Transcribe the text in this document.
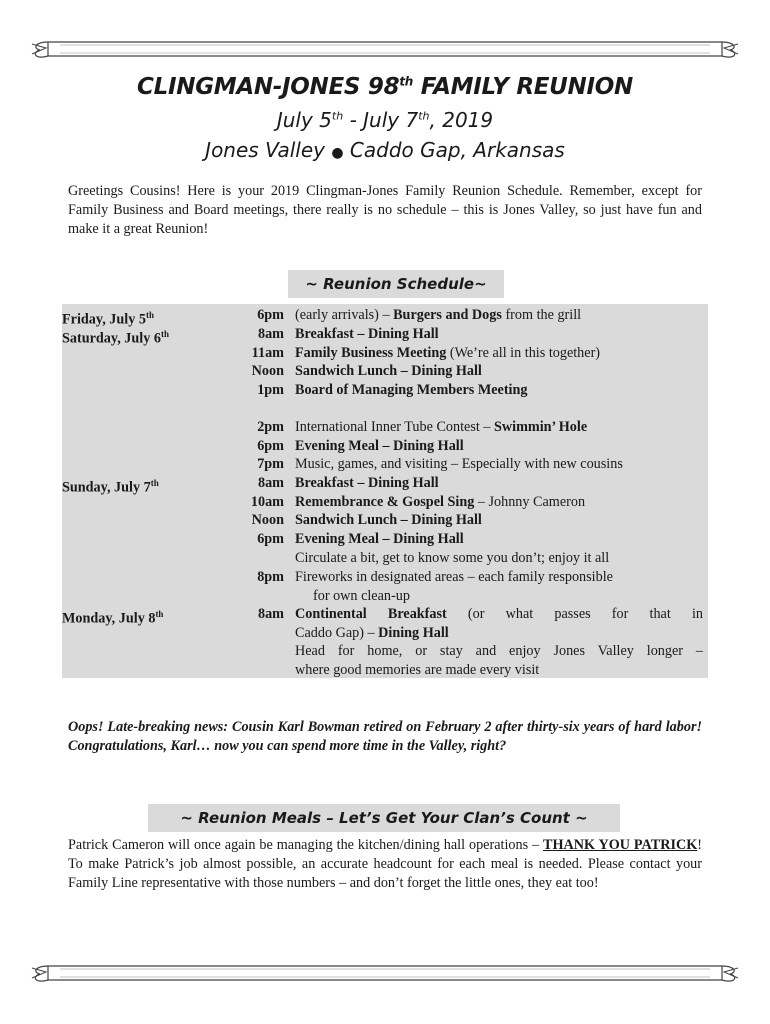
CLINGMAN-JONES 98th FAMILY REUNION
July 5th - July 7th, 2019
Jones Valley ● Caddo Gap, Arkansas
Greetings Cousins! Here is your 2019 Clingman-Jones Family Reunion Schedule. Remember, except for Family Business and Board meetings, there really is no schedule – this is Jones Valley, so just have fun and make it a great Reunion!
~ Reunion Schedule~
Friday, July 5th	6pm (early arrivals) – Burgers and Dogs from the grill
Saturday, July 6th	8am Breakfast – Dining Hall
11am Family Business Meeting (We’re all in this together)
Noon Sandwich Lunch – Dining Hall
1pm Board of Managing Members Meeting
2pm International Inner Tube Contest – Swimmin’ Hole
6pm Evening Meal – Dining Hall
7pm Music, games, and visiting – Especially with new cousins
Sunday, July 7th	8am Breakfast – Dining Hall
10am Remembrance & Gospel Sing – Johnny Cameron
Noon Sandwich Lunch – Dining Hall
6pm Evening Meal – Dining Hall
Circulate a bit, get to know some you don’t; enjoy it all
8pm Fireworks in designated areas – each family responsible
for own clean-up
Monday, July 8th	8am Continental Breakfast (or what passes for that in
Caddo Gap) – Dining Hall
Head for home, or stay and enjoy Jones Valley longer –
where good memories are made every visit
Oops! Late-breaking news: Cousin Karl Bowman retired on February 2 after thirty-six years of hard labor! Congratulations, Karl… now you can spend more time in the Valley, right?
~ Reunion Meals – Let’s Get Your Clan’s Count ~
Patrick Cameron will once again be managing the kitchen/dining hall operations – THANK YOU PATRICK! To make Patrick’s job almost possible, an accurate headcount for each meal is needed. Please contact your Family Line representative with those numbers – and don’t forget the little ones, they eat too!
